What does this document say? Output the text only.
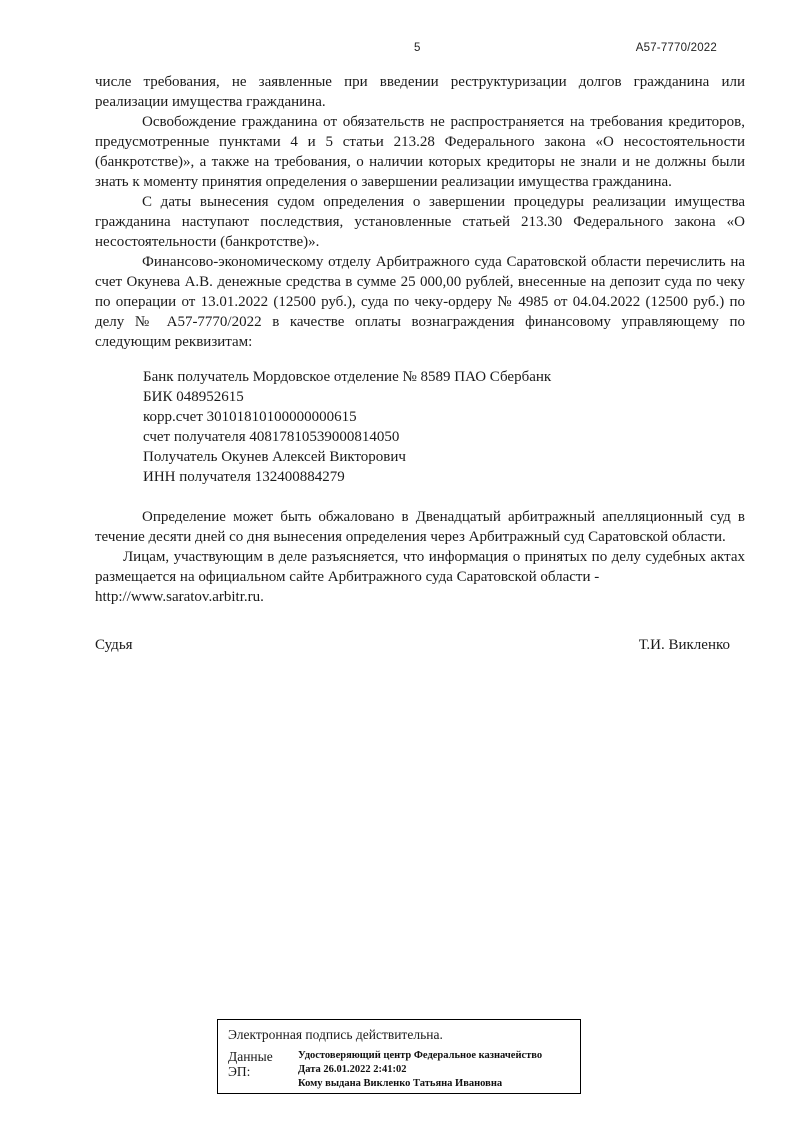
5	А57-7770/2022

числе требования, не заявленные при введении реструктуризации долгов гражданина или реализации имущества гражданина.

Освобождение гражданина от обязательств не распространяется на требования кредиторов, предусмотренные пунктами 4 и 5 статьи 213.28 Федерального закона «О несостоятельности (банкротстве)», а также на требования, о наличии которых кредиторы не знали и не должны были знать к моменту принятия определения о завершении реализации имущества гражданина.

С даты вынесения судом определения о завершении процедуры реализации имущества гражданина наступают последствия, установленные статьей 213.30 Федерального закона «О несостоятельности (банкротстве)».

Финансово-экономическому отделу Арбитражного суда Саратовской области перечислить на счет Окунева А.В. денежные средства в сумме 25 000,00 рублей, внесенные на депозит суда по чеку по операции от 13.01.2022 (12500 руб.), суда по чеку-ордеру № 4985 от 04.04.2022 (12500 руб.) по делу № А57-7770/2022 в качестве оплаты вознаграждения финансовому управляющему по следующим реквизитам:

Банк получатель Мордовское отделение № 8589 ПАО Сбербанк
БИК 048952615
корр.счет 30101810100000000615
счет получателя 40817810539000814050
Получатель Окунев Алексей Викторович
ИНН получателя 132400884279

Определение может быть обжаловано в Двенадцатый арбитражный апелляционный суд в течение десяти дней со дня вынесения определения через Арбитражный суд Саратовской области.

Лицам, участвующим в деле разъясняется, что информация о принятых по делу судебных актах размещается на официальном сайте Арбитражного суда Саратовской области -
http://www.saratov.arbitr.ru.

Судья	Т.И. Викленко
Электронная подпись действительна.
Данные ЭП:
Удостоверяющий центр Федеральное казначейство
Дата 26.01.2022 2:41:02
Кому выдана Викленко Татьяна Ивановна
